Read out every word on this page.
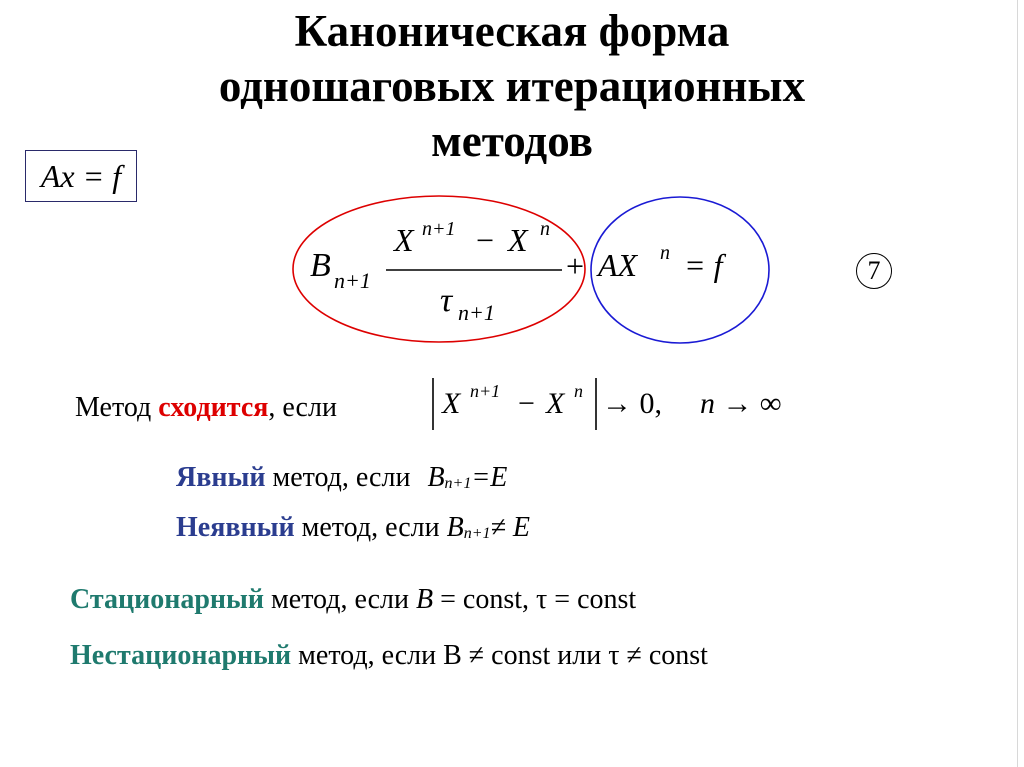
Каноническая форма
одношаговых итерационных
методов
Ax = f
B n+1
X n+1 − X n
τ n+1
+ AX n = f	7
Метод сходится, если	X n+1 − X n → 0, n → ∞
Явный метод, если Bn+1=E
Неявный метод, если Bn+1≠ E
Стационарный метод, если B = const, τ = const
Нестационарный метод, если B ≠ const или τ ≠ const
